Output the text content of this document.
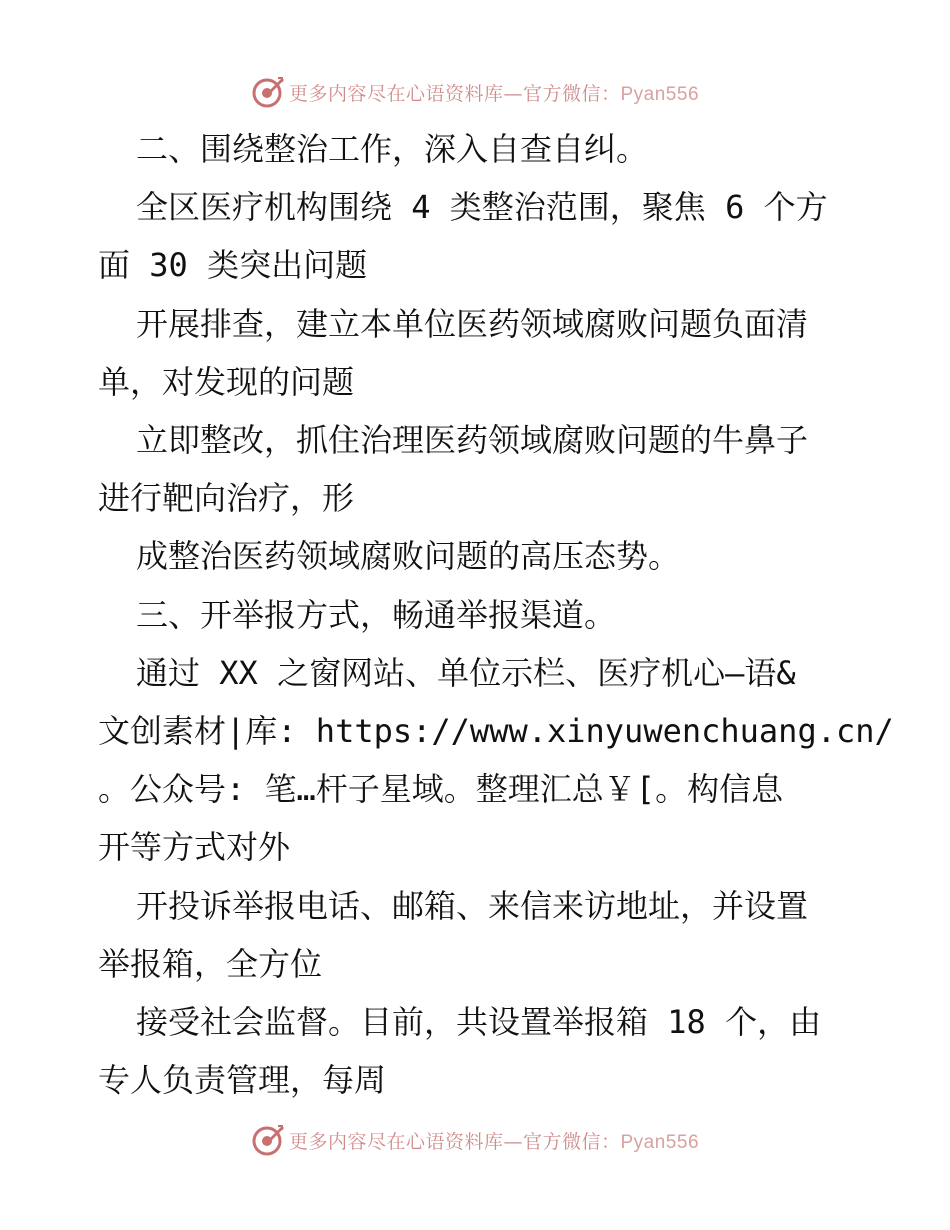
更多内容尽在心语资料库—官方微信：Pyan556
二、围绕整治工作，深入自查自纠。
全区医疗机构围绕 4 类整治范围，聚焦 6 个方
面 30 类突出问题
开展排查，建立本单位医药领域腐败问题负面清
单，对发现的问题
立即整改，抓住治理医药领域腐败问题的牛鼻子
进行靶向治疗，形
成整治医药领域腐败问题的高压态势。
三、开举报方式，畅通举报渠道。
通过 XX 之窗网站、单位示栏、医疗机心—语&
文创素材|库: https://www.xinyuwenchuang.cn/
。公众号: 笔…杆子星域。整理汇总￥[。构信息
开等方式对外
开投诉举报电话、邮箱、来信来访地址，并设置
举报箱，全方位
接受社会监督。目前，共设置举报箱 18 个，由
专人负责管理，每周
更多内容尽在心语资料库—官方微信：Pyan556
